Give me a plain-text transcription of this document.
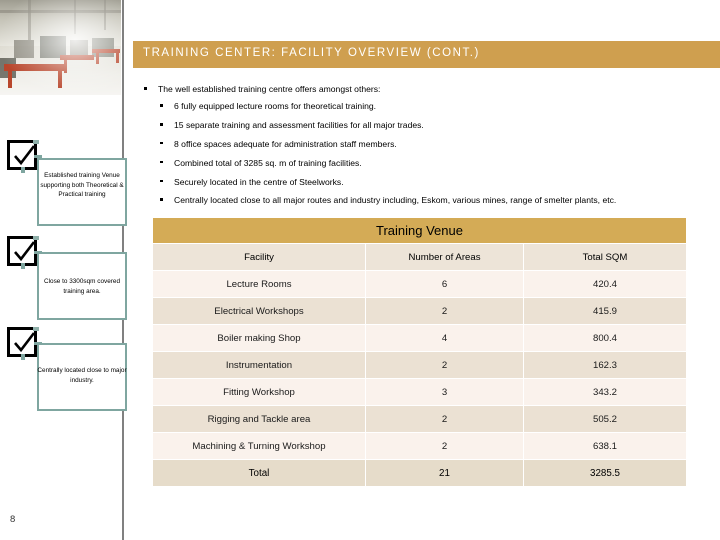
TRAINING CENTER: FACILITY OVERVIEW (CONT.)
The well established training centre offers amongst others:
6 fully equipped lecture rooms for theoretical training.
15 separate training and assessment facilities for all major trades.
8 office spaces adequate for administration staff members.
Combined total of 3285 sq. m of training facilities.
Securely located in the centre of Steelworks.
Centrally located close to all major routes and industry including, Eskom, various mines, range of smelter plants, etc.
Established training Venue supporting both Theoretical & Practical training
Close to 3300sqm covered training area.
Centrally located close to major industry.
Training Venue		
Facility	Number of Areas	Total SQM
Lecture Rooms	6	420.4
Electrical Workshops	2	415.9
Boiler making Shop	4	800.4
Instrumentation	2	162.3
Fitting Workshop	3	343.2
Rigging and Tackle area	2	505.2
Machining & Turning Workshop	2	638.1
Total	21	3285.5
8
